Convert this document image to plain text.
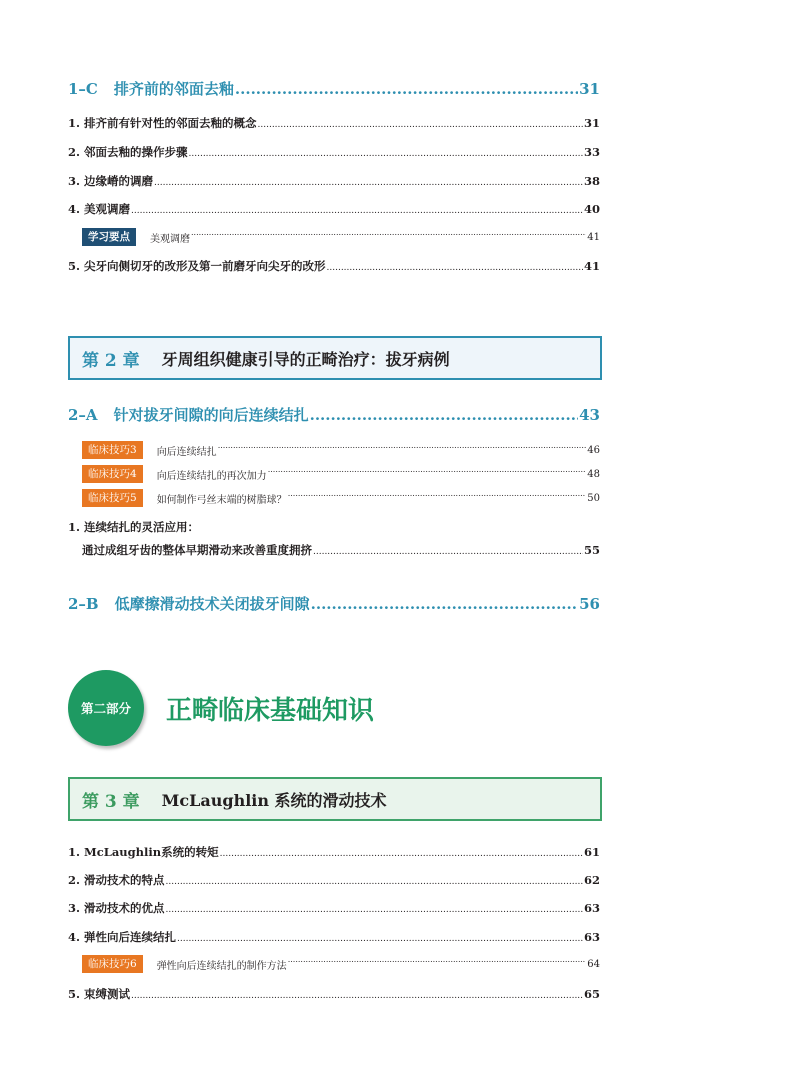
1–C 排齐前的邻面去釉 .....	31
1. 排齐前有针对性的邻面去釉的概念 .....	31
2. 邻面去釉的操作步骤 .....	33
3. 边缘嵴的调磨 .....	38
4. 美观调磨 .....	40
学习要点	美观调磨 .....	41
5. 尖牙向侧切牙的改形及第一前磨牙向尖牙的改形 .....	41
第 2 章 牙周组织健康引导的正畸治疗：拔牙病例
2–A 针对拔牙间隙的向后连续结扎 .....	43
临床技巧3	向后连续结扎 .....	46
临床技巧4	向后连续结扎的再次加力 .....	48
临床技巧5	如何制作弓丝末端的树脂球？ .....	50
1. 连续结扎的灵活应用：
通过成组牙齿的整体早期滑动来改善重度拥挤 .....	55
2–B 低摩擦滑动技术关闭拔牙间隙 .....	56
第二部分	正畸临床基础知识
第 3 章 McLaughlin 系统的滑动技术
1. McLaughlin系统的转矩 .....	61
2. 滑动技术的特点 .....	62
3. 滑动技术的优点 .....	63
4. 弹性向后连续结扎 .....	63
临床技巧6	弹性向后连续结扎的制作方法 .....	64
5. 束缚测试 .....	65
